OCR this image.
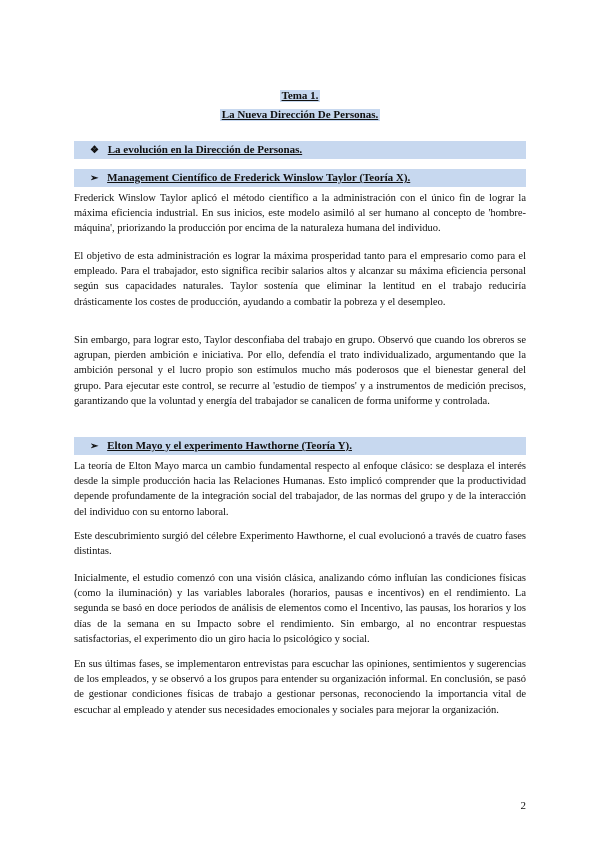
Tema 1.
La Nueva Dirección De Personas.
❖ La evolución en la Dirección de Personas.
➢ Management Científico de Frederick Winslow Taylor (Teoría X).

Frederick Winslow Taylor aplicó el método científico a la administración con el único fin de lograr la máxima eficiencia industrial. En sus inicios, este modelo asimiló al ser humano al concepto de 'hombre-máquina', priorizando la producción por encima de la naturaleza humana del individuo.

El objetivo de esta administración es lograr la máxima prosperidad tanto para el empresario como para el empleado. Para el trabajador, esto significa recibir salarios altos y alcanzar su máxima eficiencia personal según sus capacidades naturales. Taylor sostenía que eliminar la lentitud en el trabajo reduciría drásticamente los costes de producción, ayudando a combatir la pobreza y el desempleo.

Sin embargo, para lograr esto, Taylor desconfiaba del trabajo en grupo. Observó que cuando los obreros se agrupan, pierden ambición e iniciativa. Por ello, defendía el trato individualizado, argumentando que la ambición personal y el lucro propio son estímulos mucho más poderosos que el bienestar general del grupo. Para ejecutar este control, se recurre al 'estudio de tiempos' y a instrumentos de medición precisos, garantizando que la voluntad y energía del trabajador se canalicen de forma uniforme y controlada.

➢ Elton Mayo y el experimento Hawthorne (Teoría Y).

La teoría de Elton Mayo marca un cambio fundamental respecto al enfoque clásico: se desplaza el interés desde la simple producción hacia las Relaciones Humanas. Esto implicó comprender que la productividad depende profundamente de la integración social del trabajador, de las normas del grupo y de la interacción del individuo con su entorno laboral.

Este descubrimiento surgió del célebre Experimento Hawthorne, el cual evolucionó a través de cuatro fases distintas.

Inicialmente, el estudio comenzó con una visión clásica, analizando cómo influían las condiciones físicas (como la iluminación) y las variables laborales (horarios, pausas e incentivos) en el rendimiento. La segunda se basó en doce periodos de análisis de elementos como el Incentivo, las pausas, los horarios y los días de la semana en su Impacto sobre el rendimiento. Sin embargo, al no encontrar respuestas satisfactorias, el experimento dio un giro hacia lo psicológico y social.

En sus últimas fases, se implementaron entrevistas para escuchar las opiniones, sentimientos y sugerencias de los empleados, y se observó a los grupos para entender su organización informal. En conclusión, se pasó de gestionar condiciones físicas de trabajo a gestionar personas, reconociendo la importancia vital de escuchar al empleado y atender sus necesidades emocionales y sociales para mejorar la organización.

2
